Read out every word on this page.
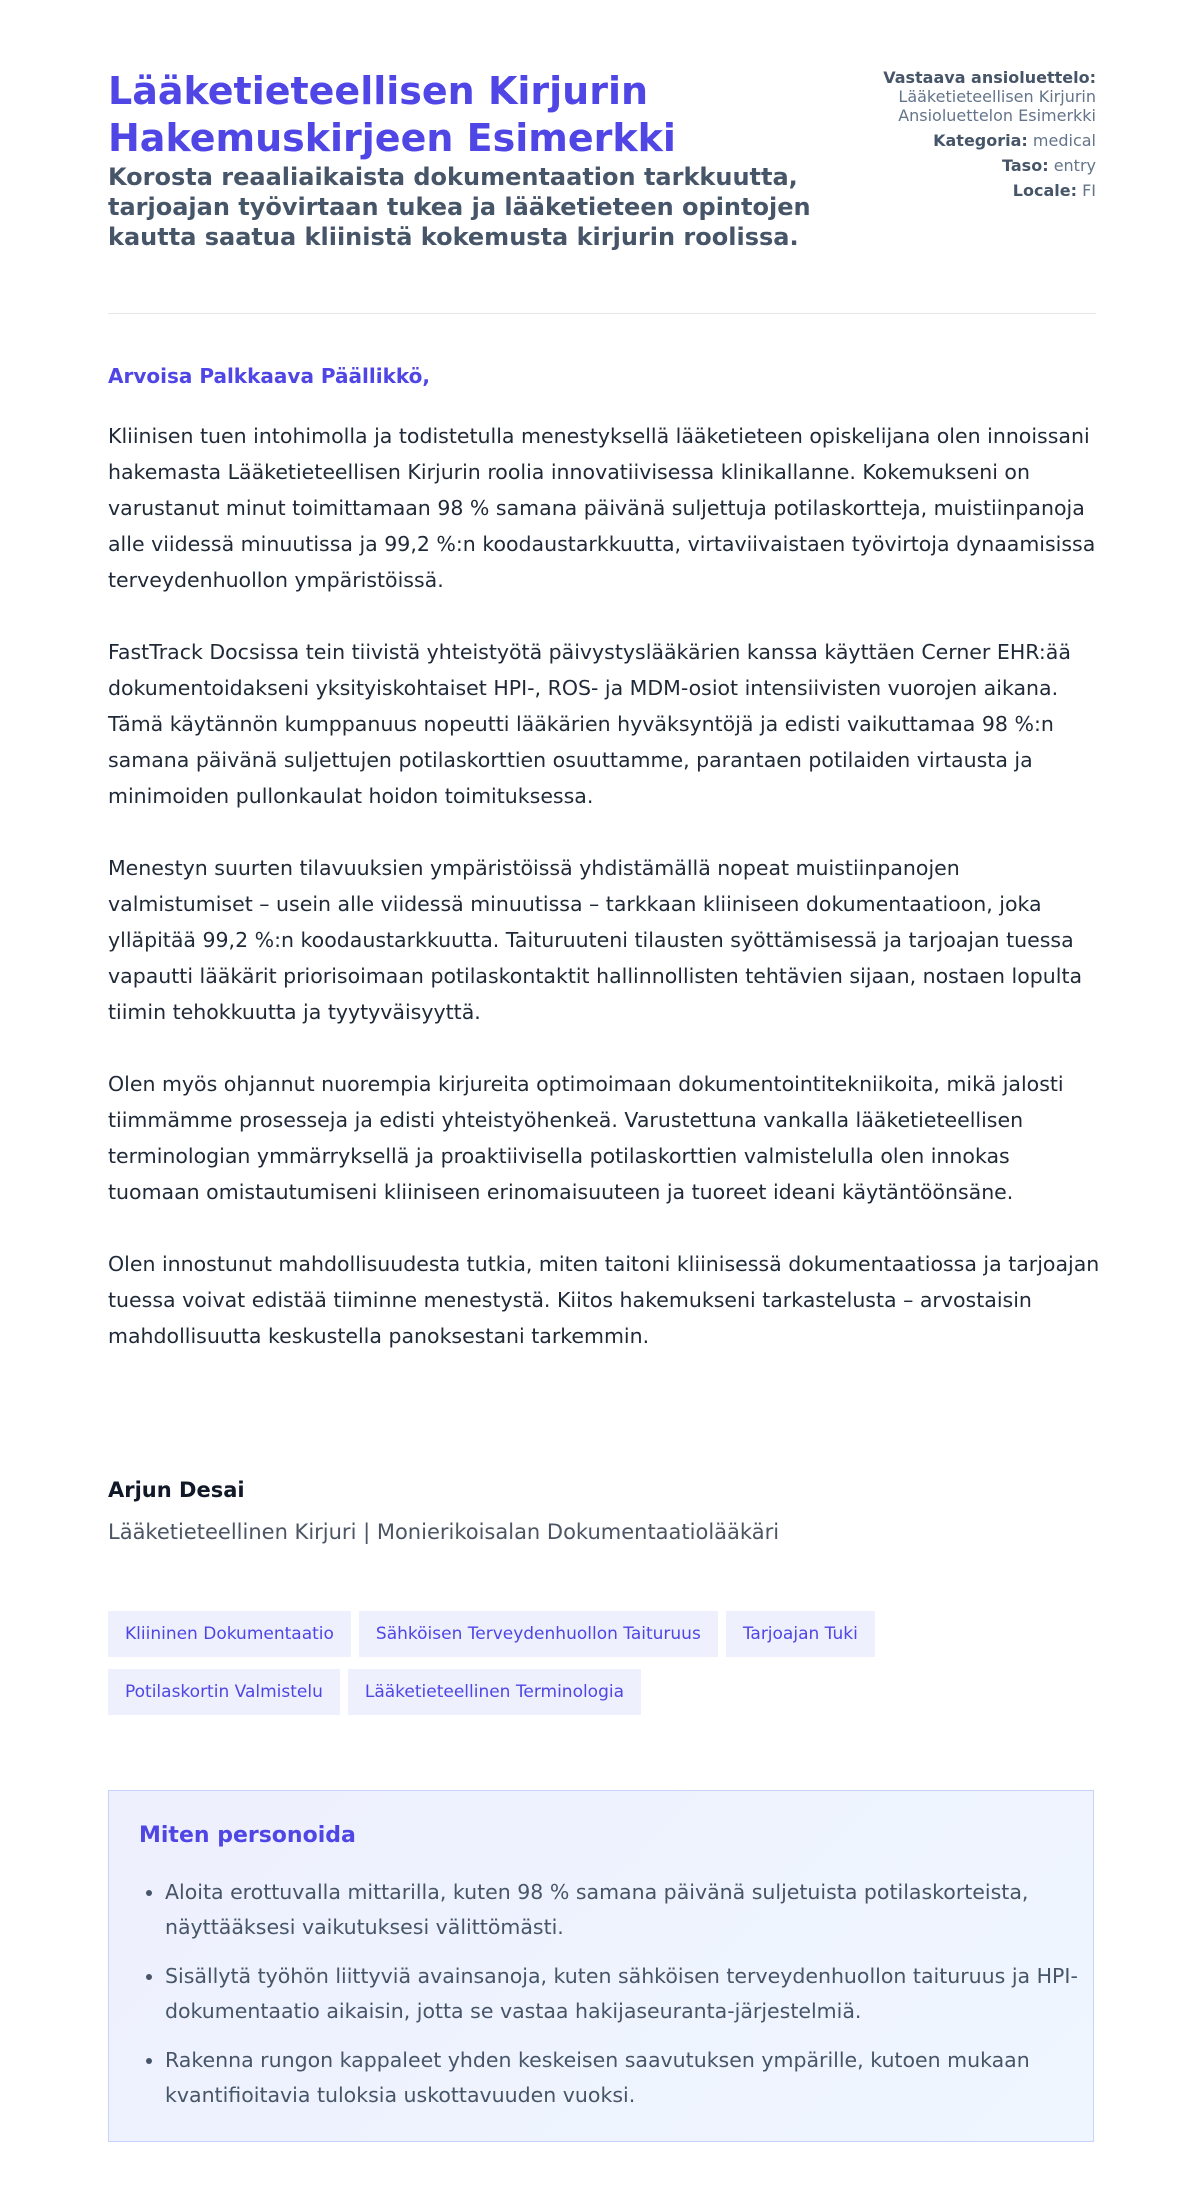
Lääketieteellisen Kirjurin Hakemuskirjeen Esimerkki

Korosta reaaliaikaista dokumentaation tarkkuutta, tarjoajan työvirtaan tukea ja lääketieteen opintojen kautta saatua kliinistä kokemusta kirjurin roolissa.

Vastaava ansioluettelo:
Lääketieteellisen Kirjurin Ansioluettelon Esimerkki
Kategoria: medical
Taso: entry
Locale: FI

Arvoisa Palkkaava Päällikkö,

Kliinisen tuen intohimolla ja todistetulla menestyksellä lääketieteen opiskelijana olen innoissani hakemasta Lääketieteellisen Kirjurin roolia innovatiivisessa klinikallanne. Kokemukseni on varustanut minut toimittamaan 98 % samana päivänä suljettuja potilaskortteja, muistiinpanoja alle viidessä minuutissa ja 99,2 %:n koodaustarkkuutta, virtaviivaistaen työvirtoja dynaamisissa terveydenhuollon ympäristöissä.

FastTrack Docsissa tein tiivistä yhteistyötä päivystyslääkärien kanssa käyttäen Cerner EHR:ää dokumentoidakseni yksityiskohtaiset HPI-, ROS- ja MDM-osiot intensiivisten vuorojen aikana. Tämä käytännön kumppanuus nopeutti lääkärien hyväksyntöjä ja edisti vaikuttamaa 98 %:n samana päivänä suljettujen potilaskorttien osuuttamme, parantaen potilaiden virtausta ja minimoiden pullonkaulat hoidon toimituksessa.

Menestyn suurten tilavuuksien ympäristöissä yhdistämällä nopeat muistiinpanojen valmistumiset – usein alle viidessä minuutissa – tarkkaan kliiniseen dokumentaatioon, joka ylläpitää 99,2 %:n koodaustarkkuutta. Taituruuteni tilausten syöttämisessä ja tarjoajan tuessa vapautti lääkärit priorisoimaan potilaskontaktit hallinnollisten tehtävien sijaan, nostaen lopulta tiimin tehokkuutta ja tyytyväisyyttä.

Olen myös ohjannut nuorempia kirjureita optimoimaan dokumentointitekniikoita, mikä jalosti tiimmämme prosesseja ja edisti yhteistyöhenkeä. Varustettuna vankalla lääketieteellisen terminologian ymmärryksellä ja proaktiivisella potilaskorttien valmistelulla olen innokas tuomaan omistautumiseni kliiniseen erinomaisuuteen ja tuoreet ideani käytäntöönsäne.

Olen innostunut mahdollisuudesta tutkia, miten taitoni kliinisessä dokumentaatiossa ja tarjoajan tuessa voivat edistää tiiminne menestystä. Kiitos hakemukseni tarkastelusta – arvostaisin mahdollisuutta keskustella panoksestani tarkemmin.

Arjun Desai

Lääketieteellinen Kirjuri | Monierikoisalan Dokumentaatiolääkäri

Kliininen Dokumentaatio Sähköisen Terveydenhuollon Taituruus Tarjoajan Tuki
Potilaskortin Valmistelu Lääketieteellinen Terminologia
Miten personoida
• Aloita erottuvalla mittarilla, kuten 98 % samana päivänä suljetuista potilaskorteista, näyttääksesi vaikutuksesi välittömästi.
• Sisällytä työhön liittyviä avainsanoja, kuten sähköisen terveydenhuollon taituruus ja HPI-dokumentaatio aikaisin, jotta se vastaa hakijaseuranta-järjestelmiä.
• Rakenna rungon kappaleet yhden keskeisen saavutuksen ympärille, kutoen mukaan kvantifioitavia tuloksia uskottavuuden vuoksi.
